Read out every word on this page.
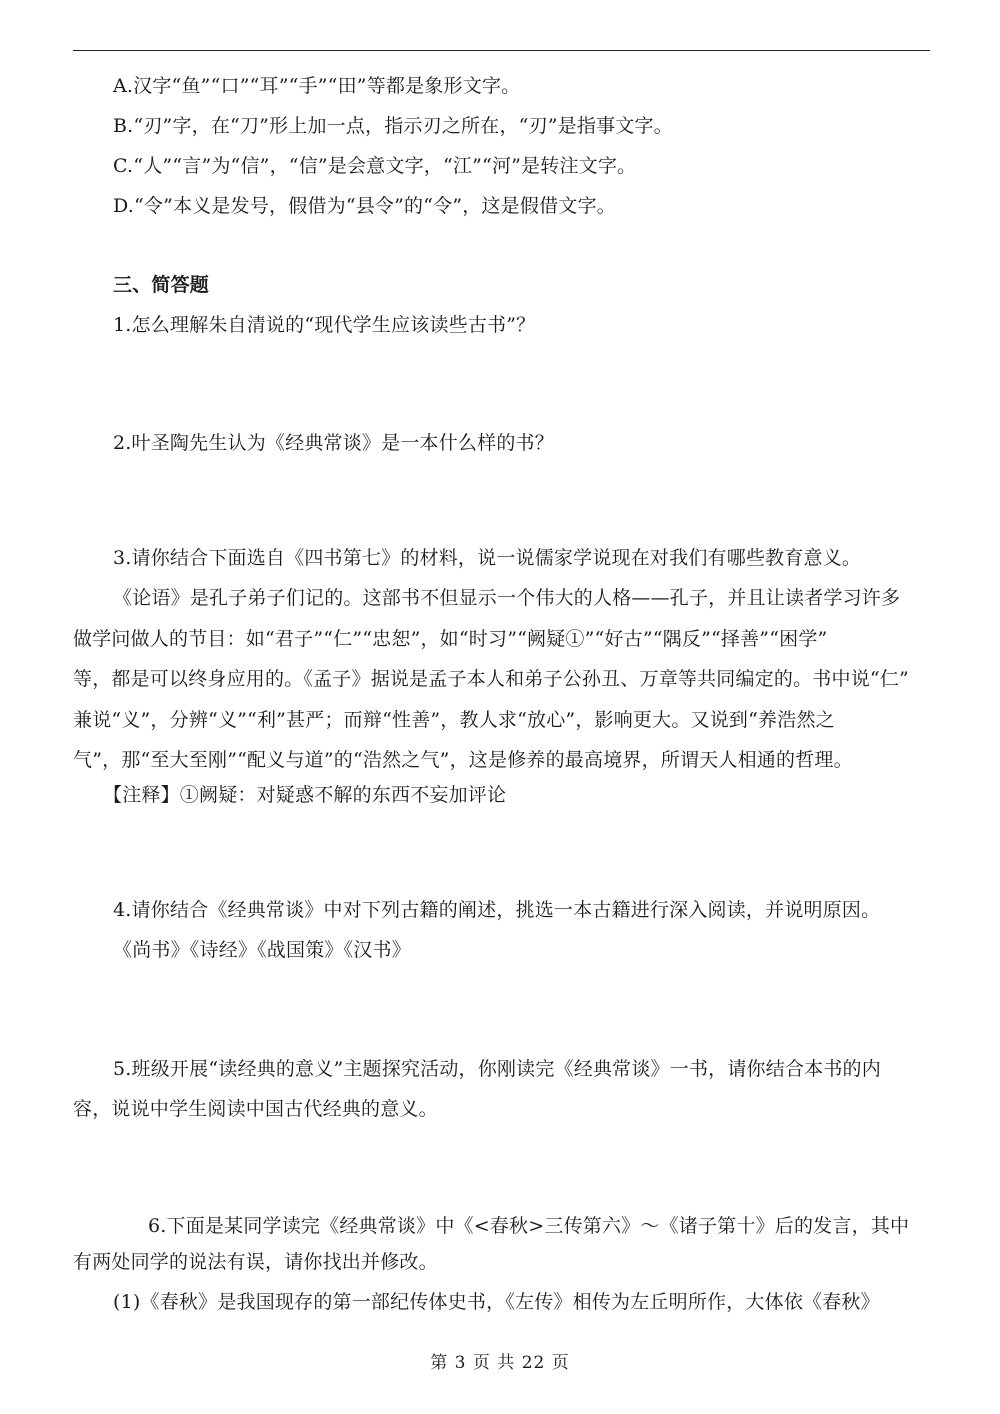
A.汉字“鱼”“口”“耳”“手”“田”等都是象形文字。
B.“刃”字，在“刀”形上加一点，指示刃之所在，“刃”是指事文字。
C.“人”“言”为“信”，“信”是会意文字，“江”“河”是转注文字。
D.“令”本义是发号，假借为“县令”的“令”，这是假借文字。
三、简答题
1.怎么理解朱自清说的“现代学生应该读些古书”？
2.叶圣陶先生认为《经典常谈》是一本什么样的书？
3.请你结合下面选自《四书第七》的材料，说一说儒家学说现在对我们有哪些教育意义。
《论语》是孔子弟子们记的。这部书不但显示一个伟大的人格——孔子，并且让读者学习许多
做学问做人的节目：如“君子”“仁”“忠恕”，如“时习”“阙疑①”“好古”“隅反”“择善”“困学”
等，都是可以终身应用的。《孟子》据说是孟子本人和弟子公孙丑、万章等共同编定的。书中说“仁”
兼说“义”，分辨“义”“利”甚严；而辩“性善”，教人求“放心”，影响更大。又说到“养浩然之
气”，那“至大至刚”“配义与道”的“浩然之气”，这是修养的最高境界，所谓天人相通的哲理。
【注释】①阙疑：对疑惑不解的东西不妄加评论
4.请你结合《经典常谈》中对下列古籍的阐述，挑选一本古籍进行深入阅读，并说明原因。
《尚书》《诗经》《战国策》《汉书》
5.班级开展“读经典的意义”主题探究活动，你刚读完《经典常谈》一书，请你结合本书的内
容，说说中学生阅读中国古代经典的意义。
6.下面是某同学读完《经典常谈》中《<春秋>三传第六》～《诸子第十》后的发言，其中
有两处同学的说法有误，请你找出并修改。
(1)《春秋》是我国现存的第一部纪传体史书，《左传》相传为左丘明所作，大体依《春秋》
第 3 页 共 22 页
